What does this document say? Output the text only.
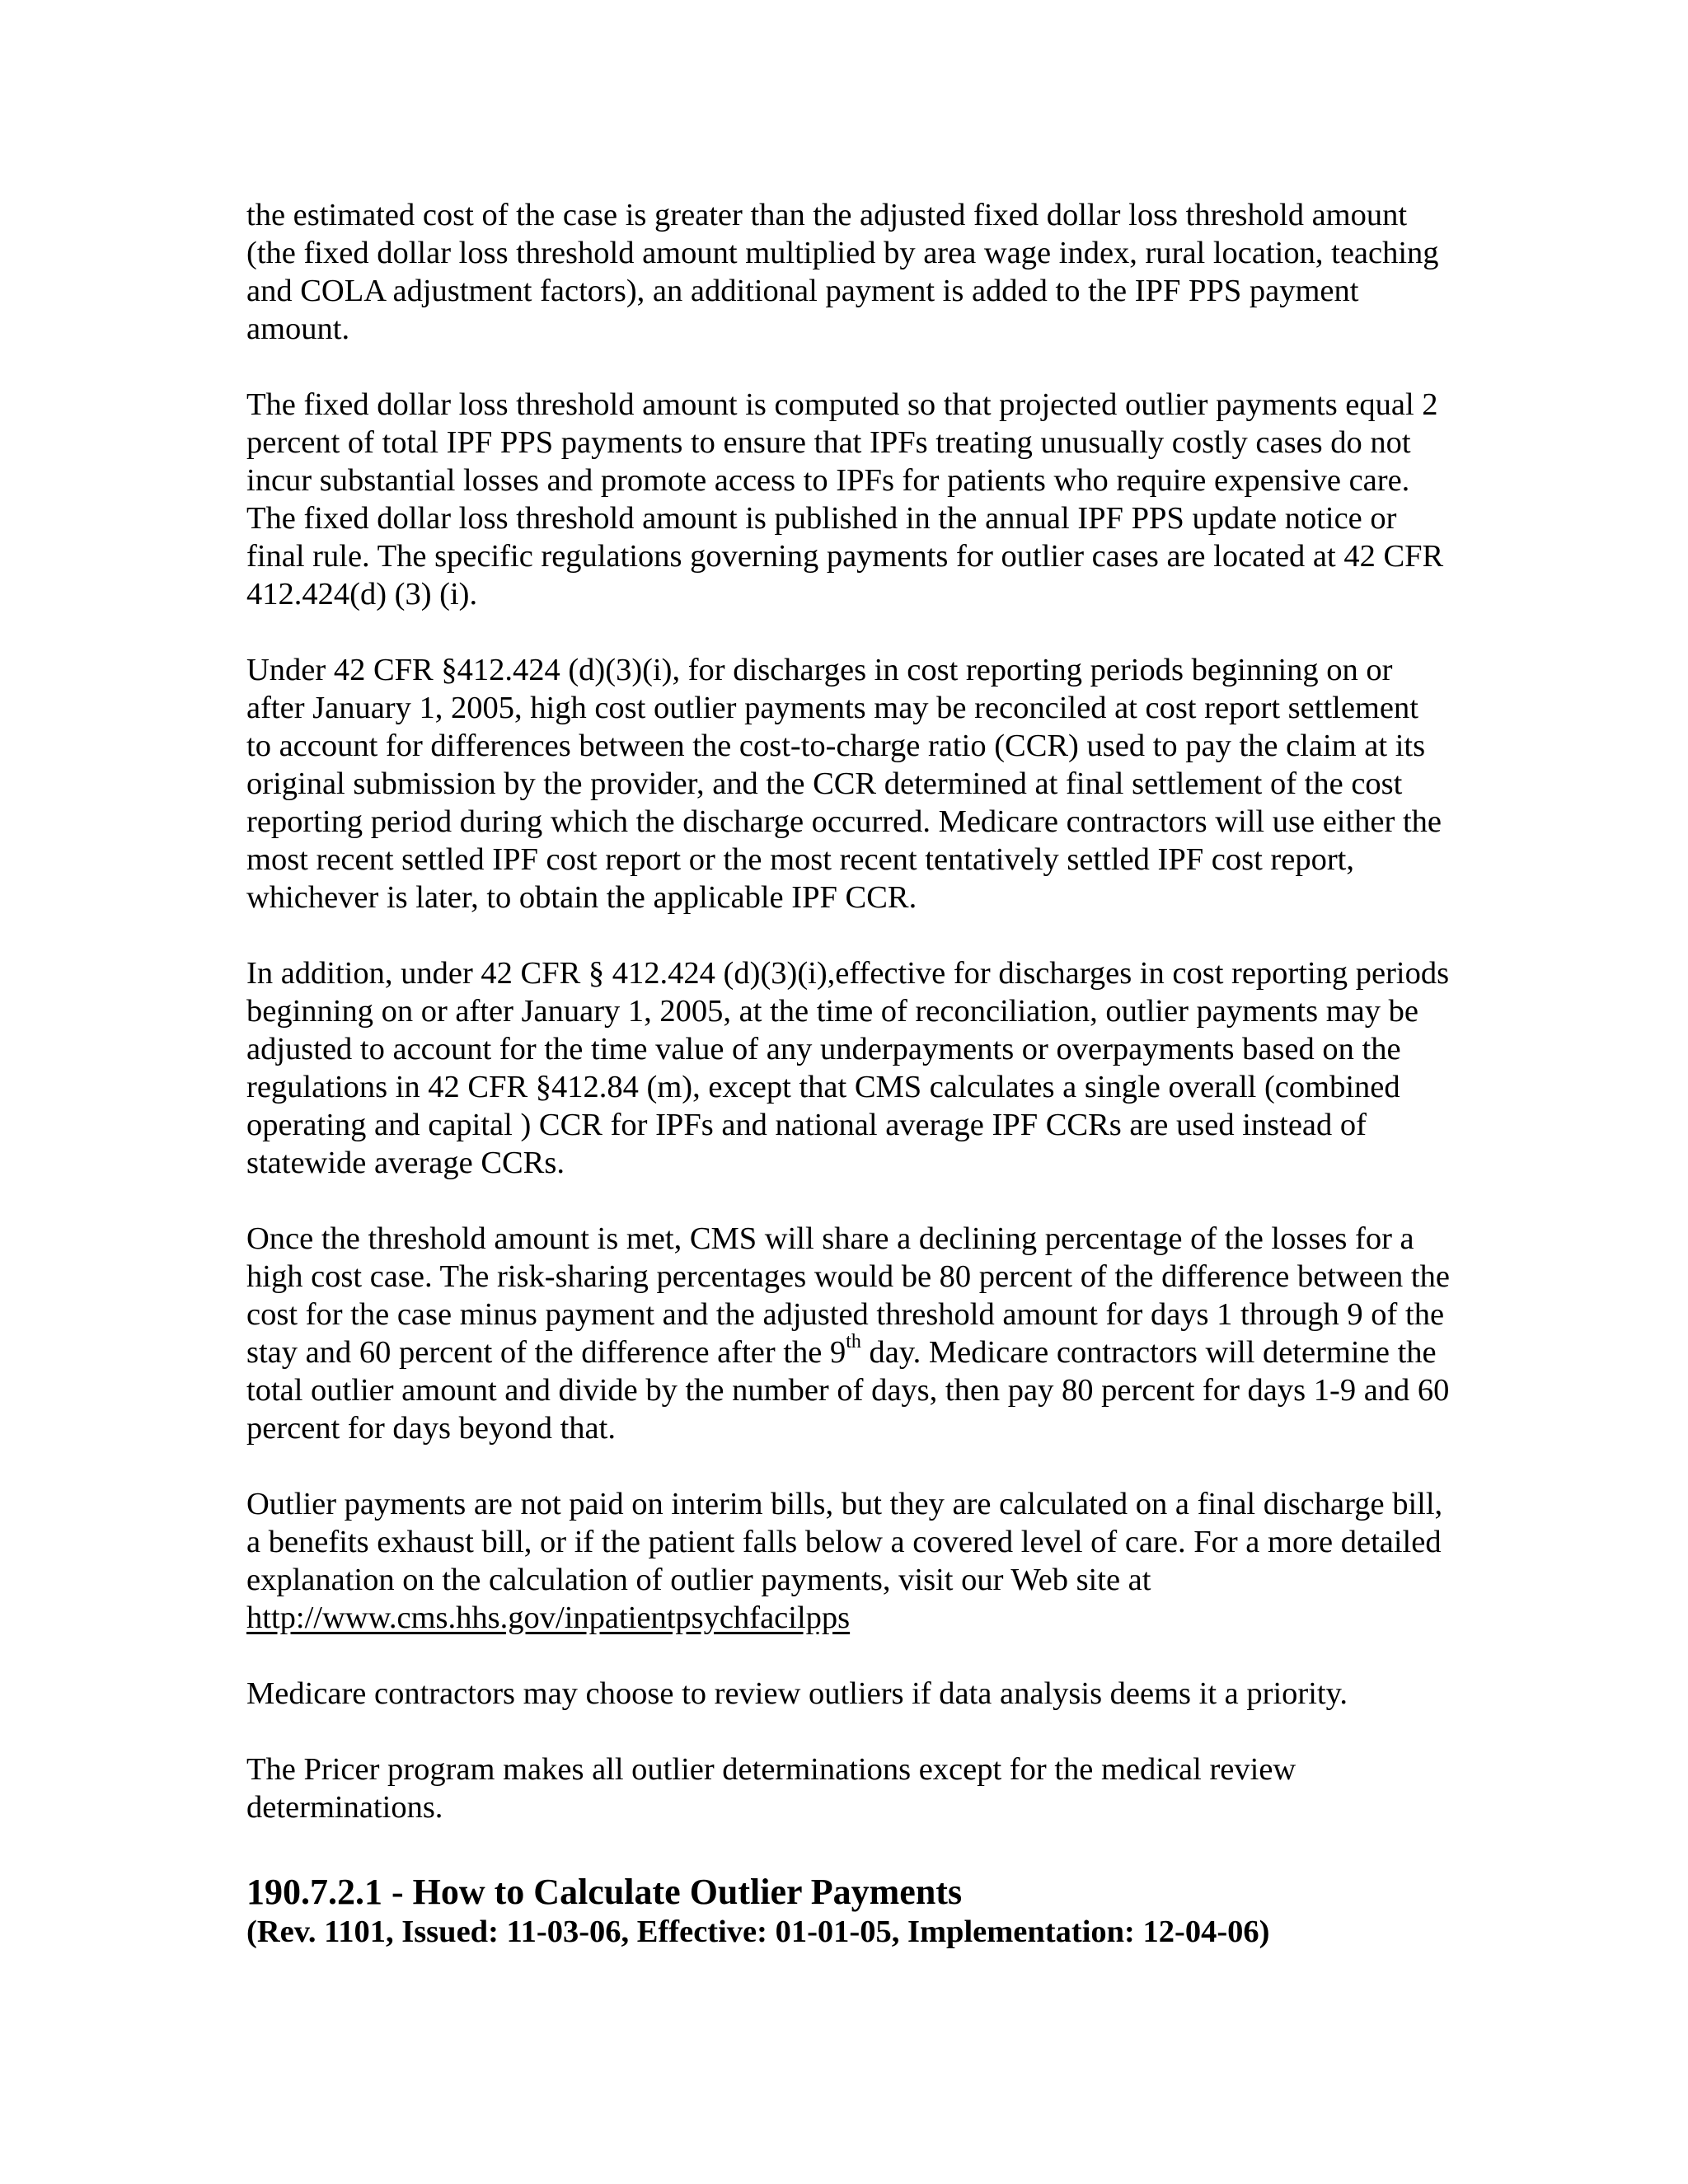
the estimated cost of the case is greater than the adjusted fixed dollar loss threshold amount (the fixed dollar loss threshold amount multiplied by area wage index, rural location, teaching and COLA adjustment factors), an additional payment is added to the IPF PPS payment amount.

The fixed dollar loss threshold amount is computed so that projected outlier payments equal 2 percent of total IPF PPS payments to ensure that IPFs treating unusually costly cases do not incur substantial losses and promote access to IPFs for patients who require expensive care. The fixed dollar loss threshold amount is published in the annual IPF PPS update notice or final rule. The specific regulations governing payments for outlier cases are located at 42 CFR 412.424(d) (3) (i).

Under 42 CFR §412.424 (d)(3)(i), for discharges in cost reporting periods beginning on or after January 1, 2005, high cost outlier payments may be reconciled at cost report settlement to account for differences between the cost-to-charge ratio (CCR) used to pay the claim at its original submission by the provider, and the CCR determined at final settlement of the cost reporting period during which the discharge occurred. Medicare contractors will use either the most recent settled IPF cost report or the most recent tentatively settled IPF cost report, whichever is later, to obtain the applicable IPF CCR.

In addition, under 42 CFR § 412.424 (d)(3)(i),effective for discharges in cost reporting periods beginning on or after January 1, 2005, at the time of reconciliation, outlier payments may be adjusted to account for the time value of any underpayments or overpayments based on the regulations in 42 CFR §412.84 (m), except that CMS calculates a single overall (combined operating and capital ) CCR for IPFs and national average IPF CCRs are used instead of statewide average CCRs.

Once the threshold amount is met, CMS will share a declining percentage of the losses for a high cost case. The risk-sharing percentages would be 80 percent of the difference between the cost for the case minus payment and the adjusted threshold amount for days 1 through 9 of the stay and 60 percent of the difference after the 9th day. Medicare contractors will determine the total outlier amount and divide by the number of days, then pay 80 percent for days 1-9 and 60 percent for days beyond that.

Outlier payments are not paid on interim bills, but they are calculated on a final discharge bill, a benefits exhaust bill, or if the patient falls below a covered level of care. For a more detailed explanation on the calculation of outlier payments, visit our Web site at
http://www.cms.hhs.gov/inpatientpsychfacilpps

Medicare contractors may choose to review outliers if data analysis deems it a priority.

The Pricer program makes all outlier determinations except for the medical review determinations.

190.7.2.1 - How to Calculate Outlier Payments

(Rev. 1101, Issued: 11-03-06, Effective: 01-01-05, Implementation: 12-04-06)
